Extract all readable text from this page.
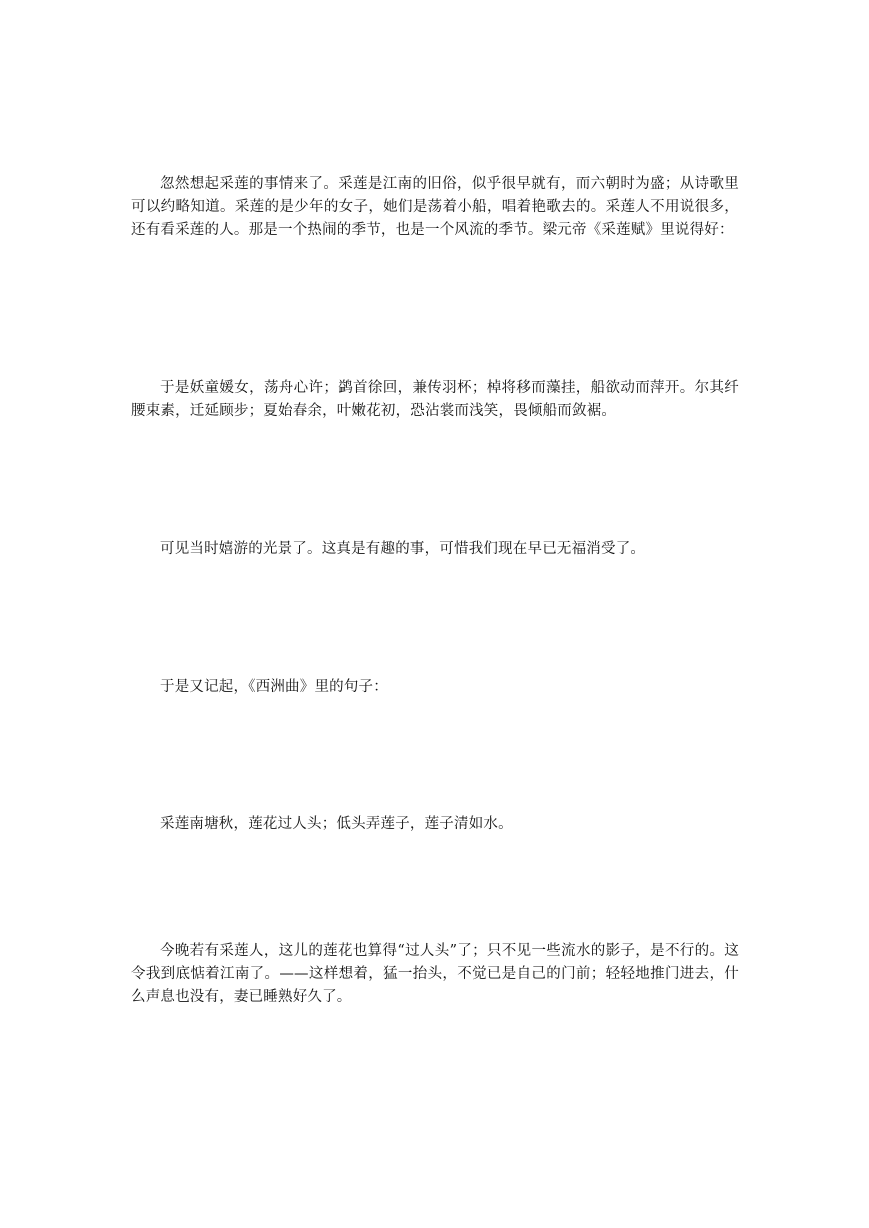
忽然想起采莲的事情来了。采莲是江南的旧俗，似乎很早就有，而六朝时为盛；从诗歌里可以约略知道。采莲的是少年的女子，她们是荡着小船，唱着艳歌去的。采莲人不用说很多，还有看采莲的人。那是一个热闹的季节，也是一个风流的季节。梁元帝《采莲赋》里说得好：

于是妖童媛女，荡舟心许；鹢首徐回，兼传羽杯；棹将移而藻挂，船欲动而萍开。尔其纤腰束素，迁延顾步；夏始春余，叶嫩花初，恐沾裳而浅笑，畏倾船而敛裾。

可见当时嬉游的光景了。这真是有趣的事，可惜我们现在早已无福消受了。

于是又记起，《西洲曲》里的句子：

采莲南塘秋，莲花过人头；低头弄莲子，莲子清如水。

今晚若有采莲人，这儿的莲花也算得“过人头”了；只不见一些流水的影子，是不行的。这令我到底惦着江南了。——这样想着，猛一抬头，不觉已是自己的门前；轻轻地推门进去，什么声息也没有，妻已睡熟好久了。
